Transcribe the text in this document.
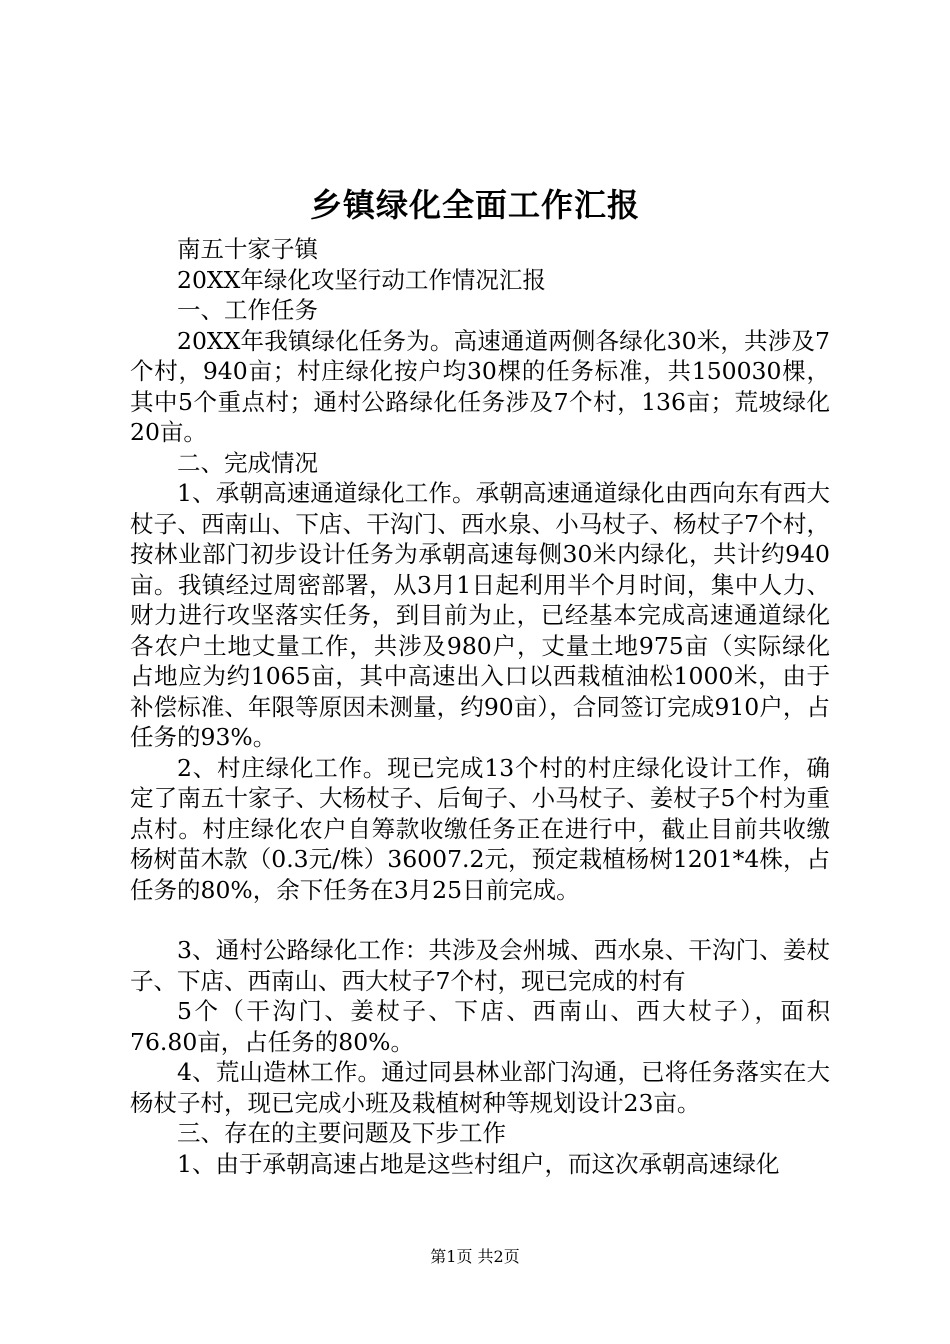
乡镇绿化全面工作汇报

南五十家子镇

20XX年绿化攻坚行动工作情况汇报

一、工作任务

20XX年我镇绿化任务为。高速通道两侧各绿化30米，共涉及7个村，940亩；村庄绿化按户均30棵的任务标准，共150030棵，其中5个重点村；通村公路绿化任务涉及7个村，136亩；荒坡绿化20亩。

二、完成情况

1、承朝高速通道绿化工作。承朝高速通道绿化由西向东有西大杖子、西南山、下店、干沟门、西水泉、小马杖子、杨杖子7个村，按林业部门初步设计任务为承朝高速每侧30米内绿化，共计约940亩。我镇经过周密部署，从3月1日起利用半个月时间，集中人力、财力进行攻坚落实任务，到目前为止，已经基本完成高速通道绿化各农户土地丈量工作，共涉及980户，丈量土地975亩（实际绿化占地应为约1065亩，其中高速出入口以西栽植油松1000米，由于补偿标准、年限等原因未测量，约90亩），合同签订完成910户，占任务的93%。

2、村庄绿化工作。现已完成13个村的村庄绿化设计工作，确定了南五十家子、大杨杖子、后甸子、小马杖子、姜杖子5个村为重点村。村庄绿化农户自筹款收缴任务正在进行中，截止目前共收缴杨树苗木款（0.3元/株）36007.2元，预定栽植杨树1201*4株，占任务的80%，余下任务在3月25日前完成。

3、通村公路绿化工作：共涉及会州城、西水泉、干沟门、姜杖子、下店、西南山、西大杖子7个村，现已完成的村有

5个（干沟门、姜杖子、下店、西南山、西大杖子），面积76.80亩，占任务的80%。

4、荒山造林工作。通过同县林业部门沟通，已将任务落实在大杨杖子村，现已完成小班及栽植树种等规划设计23亩。

三、存在的主要问题及下步工作

1、由于承朝高速占地是这些村组户，而这次承朝高速绿化

第1页 共2页
